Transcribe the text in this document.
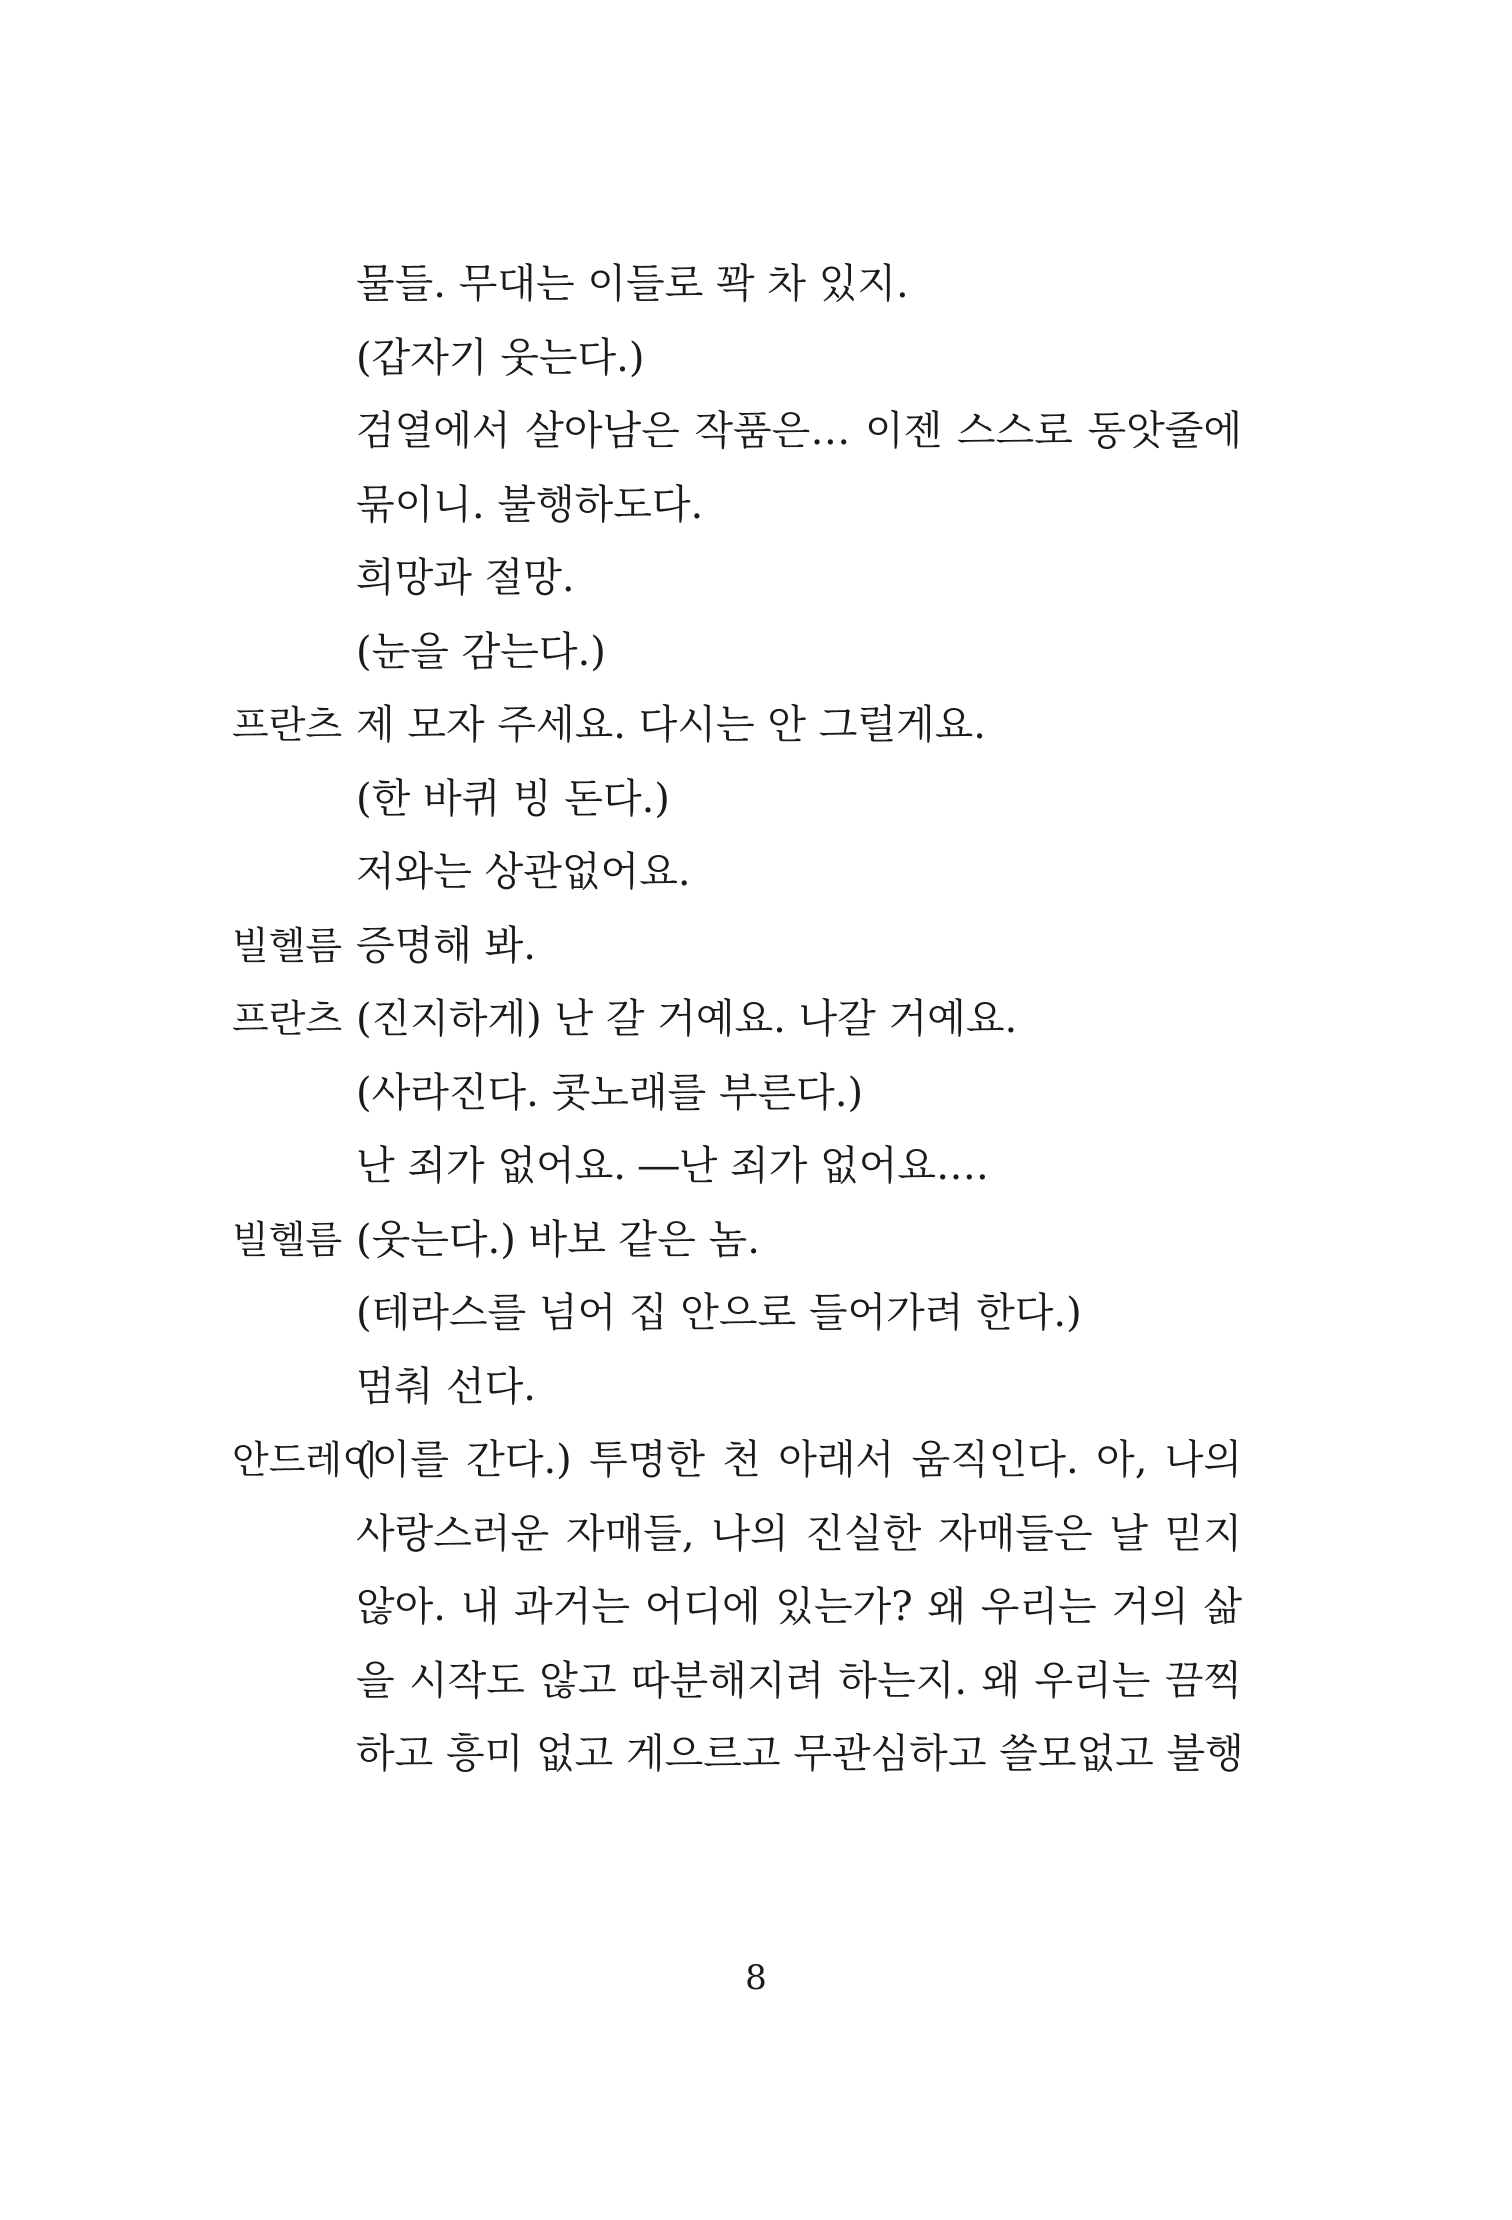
물들. 무대는 이들로 꽉 차 있지.
(갑자기 웃는다.)
검열에서 살아남은 작품은… 이젠 스스로 동앗줄에
묶이니. 불행하도다.
희망과 절망.
(눈을 감는다.)
프란츠 제 모자 주세요. 다시는 안 그럴게요.
(한 바퀴 빙 돈다.)
저와는 상관없어요.
빌헬름 증명해 봐.
프란츠 (진지하게) 난 갈 거예요. 나갈 거예요.
(사라진다. 콧노래를 부른다.)
난 죄가 없어요. ―난 죄가 없어요….
빌헬름 (웃는다.) 바보 같은 놈.
(테라스를 넘어 집 안으로 들어가려 한다.)
멈춰 선다.
안드레이
(이를 간다.) 투명한 천 아래서 움직인다. 아, 나의
사랑스러운 자매들, 나의 진실한 자매들은 날 믿지
않아. 내 과거는 어디에 있는가? 왜 우리는 거의 삶
을 시작도 않고 따분해지려 하는지. 왜 우리는 끔찍
하고 흥미 없고 게으르고 무관심하고 쓸모없고 불행
8
